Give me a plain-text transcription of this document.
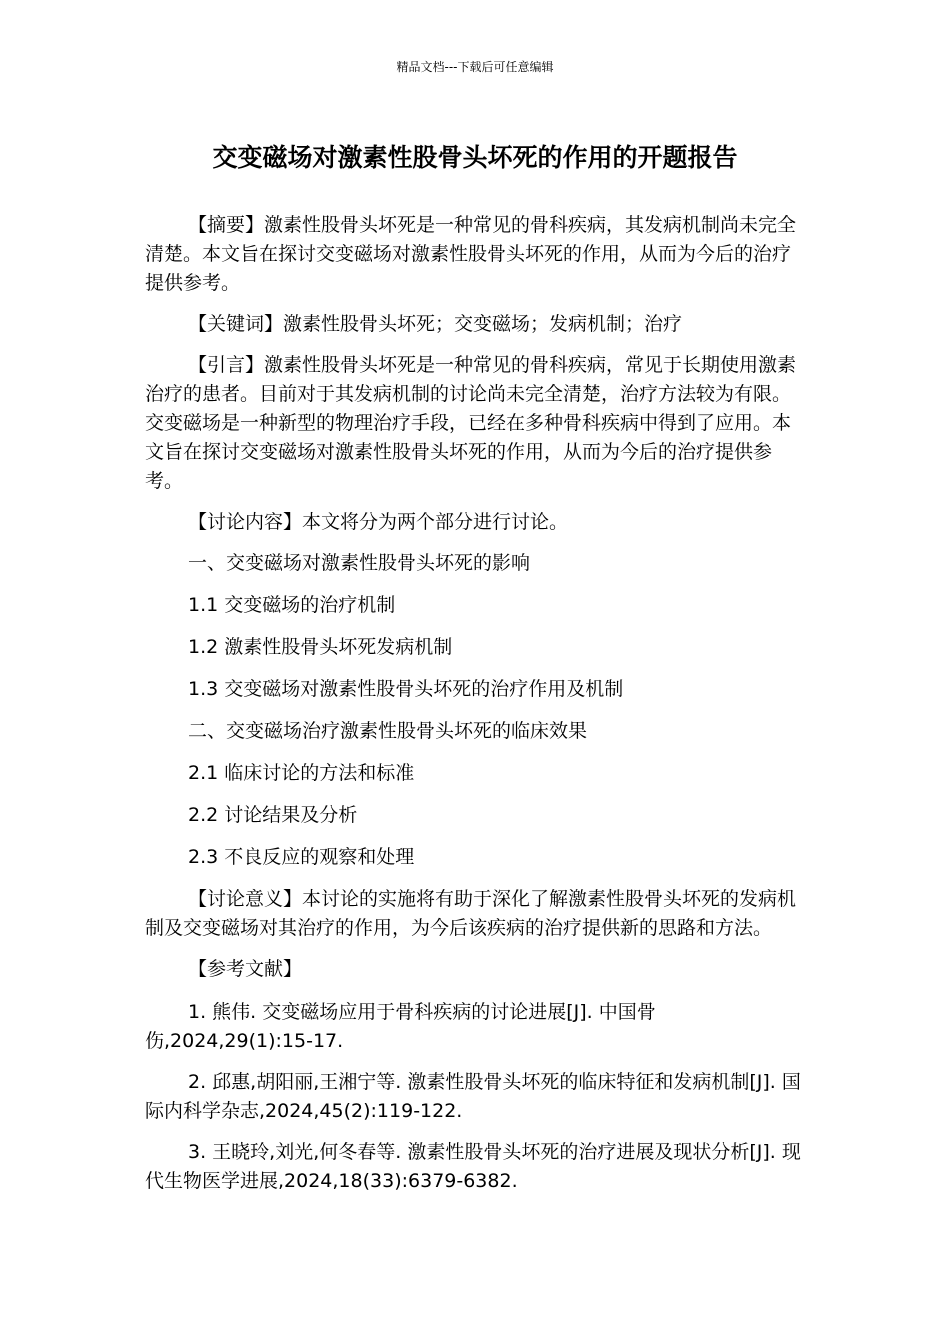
精品文档---下载后可任意编辑
交变磁场对激素性股骨头坏死的作用的开题报告

【摘要】激素性股骨头坏死是一种常见的骨科疾病，其发病机制尚未完全清楚。本文旨在探讨交变磁场对激素性股骨头坏死的作用，从而为今后的治疗提供参考。

【关键词】激素性股骨头坏死；交变磁场；发病机制；治疗

【引言】激素性股骨头坏死是一种常见的骨科疾病，常见于长期使用激素治疗的患者。目前对于其发病机制的讨论尚未完全清楚，治疗方法较为有限。交变磁场是一种新型的物理治疗手段，已经在多种骨科疾病中得到了应用。本文旨在探讨交变磁场对激素性股骨头坏死的作用，从而为今后的治疗提供参考。

【讨论内容】本文将分为两个部分进行讨论。

一、交变磁场对激素性股骨头坏死的影响

1.1 交变磁场的治疗机制

1.2 激素性股骨头坏死发病机制

1.3 交变磁场对激素性股骨头坏死的治疗作用及机制

二、交变磁场治疗激素性股骨头坏死的临床效果

2.1 临床讨论的方法和标准

2.2 讨论结果及分析

2.3 不良反应的观察和处理

【讨论意义】本讨论的实施将有助于深化了解激素性股骨头坏死的发病机制及交变磁场对其治疗的作用，为今后该疾病的治疗提供新的思路和方法。

【参考文献】

1. 熊伟. 交变磁场应用于骨科疾病的讨论进展[J]. 中国骨伤,2024,29(1):15-17.

2. 邱惠,胡阳丽,王湘宁等. 激素性股骨头坏死的临床特征和发病机制[J]. 国际内科学杂志,2024,45(2):119-122.

3. 王晓玲,刘光,何冬春等. 激素性股骨头坏死的治疗进展及现状分析[J]. 现代生物医学进展,2024,18(33):6379-6382.
